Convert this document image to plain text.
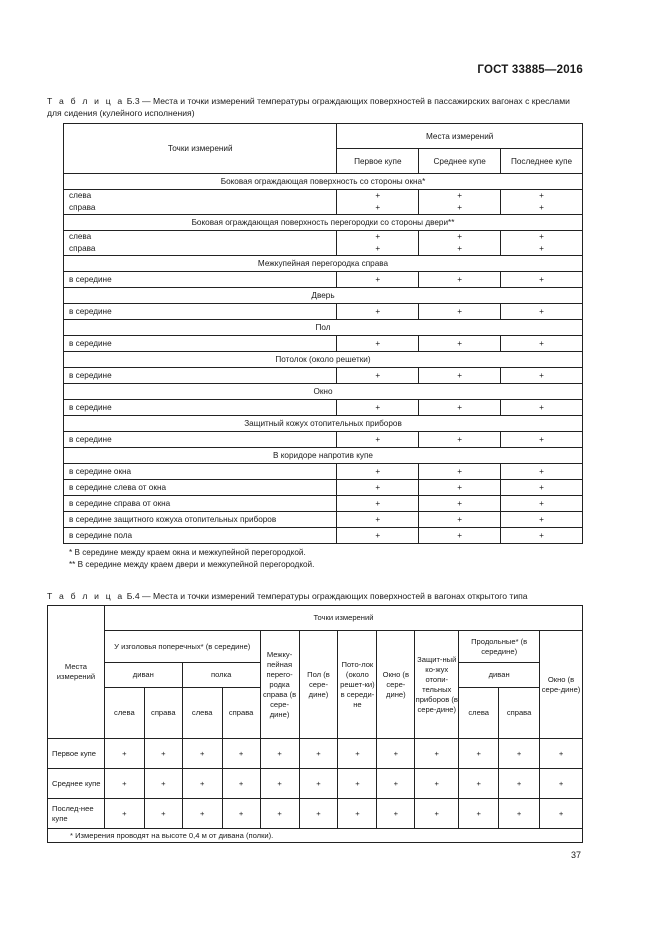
ГОСТ 33885—2016
Т а б л и ц а Б.3 — Места и точки измерений температуры ограждающих поверхностей в пассажирских вагонах с креслами для сидения (кулейного исполнения)
Точки измерений	Места измерений		
	Первое купе	Среднее купе	Последнее купе
Боковая ограждающая поверхность со стороны окна*			
слева	+	+	+
справа	+	+	+
Боковая ограждающая поверхность перегородки со стороны двери**			
слева	+	+	+
справа	+	+	+
Межкупейная перегородка справа			
в середине	+	+	+
Дверь			
в середине	+	+	+
Пол			
в середине	+	+	+
Потолок (около решетки)			
в середине	+	+	+
Окно			
в середине	+	+	+
Защитный кожух отопительных приборов			
в середине	+	+	+
В коридоре напротив купе			
в середине окна	+	+	+
в середине слева от окна	+	+	+
в середине справа от окна	+	+	+
в середине защитного кожуха отопительных приборов	+	+	+
в середине пола	+	+	+
* В середине между краем окна и межкупейной перегородкой.
** В середине между краем двери и межкупейной перегородкой.
Т а б л и ц а Б.4 — Места и точки измерений температуры ограждающих поверхностей в вагонах открытого типа
Места измерений	Точки измерений											
	У изголовья поперечных* (в середине)				Межку-пейная перего-родка справа (в сере-дине)	Пол (в сере-дине)	Пото-лок (около решет-ки) в середи-не	Окно (в сере-дине)	Защит-ный ко-жух отопи-тельных приборов (в сере-дине)	Продольные* (в середине)		Окно (в сере-дине)
	диван		полка							диван		
	слева	справа	слева	справа						слева	справа	
Первое купе	+	+	+	+	+	+	+	+	+	+	+	+
Среднее купе	+	+	+	+	+	+	+	+	+	+	+	+
Послед-нее купе	+	+	+	+	+	+	+	+	+	+	+	+
* Измерения проводят на высоте 0,4 м от дивана (полки).												
37
